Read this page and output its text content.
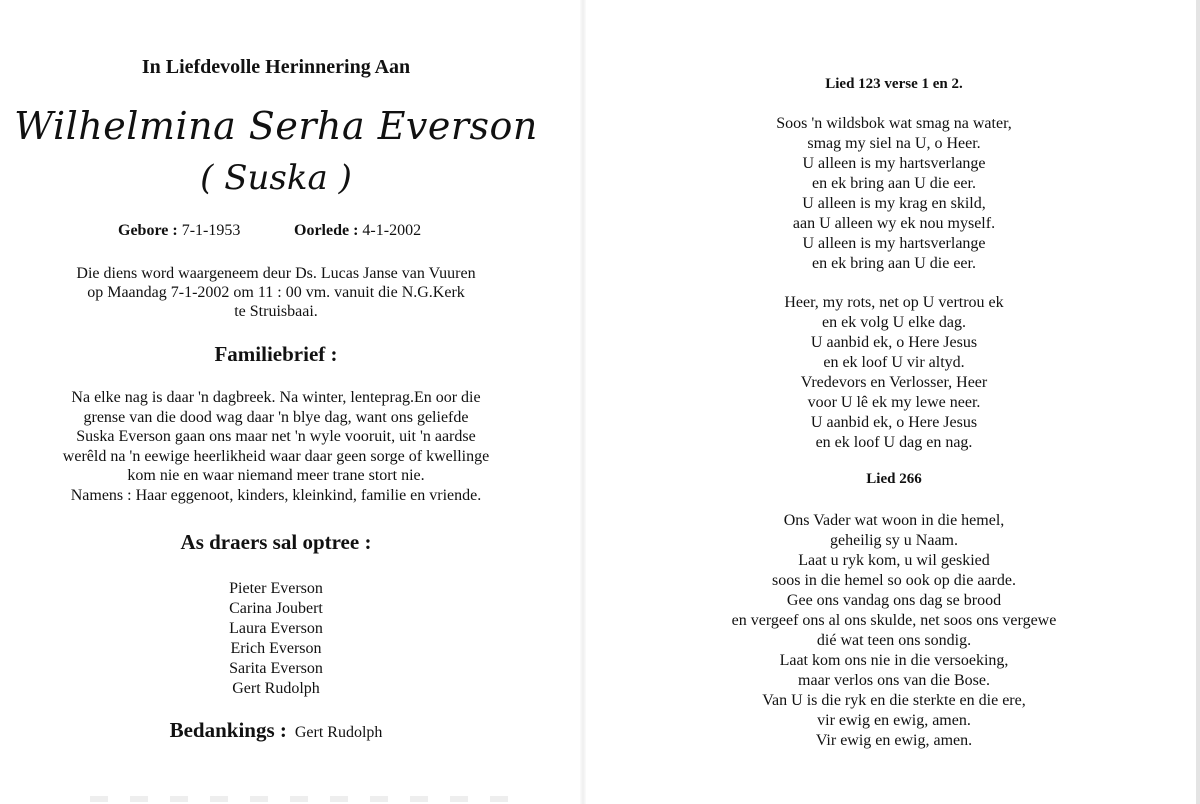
In Liefdevolle Herinnering Aan
Wilhelmina Serha Everson
( Suska )
Gebore : 7-1-1953	Oorlede : 4-1-2002
Die diens word waargeneem deur Ds. Lucas Janse van Vuuren
op Maandag 7-1-2002 om 11 : 00 vm. vanuit die N.G.Kerk
te Struisbaai.
Familiebrief :
Na elke nag is daar 'n dagbreek. Na winter, lenteprag.En oor die
grense van die dood wag daar 'n blye dag, want ons geliefde
Suska Everson gaan ons maar net 'n wyle vooruit, uit 'n aardse
werêld na 'n eewige heerlikheid waar daar geen sorge of kwellinge
kom nie en waar niemand meer trane stort nie.
Namens : Haar eggenoot, kinders, kleinkind, familie en vriende.
As draers sal optree :
Pieter Everson
Carina Joubert
Laura Everson
Erich Everson
Sarita Everson
Gert Rudolph
Bedankings : Gert Rudolph
Lied 123 verse 1 en 2.
Soos 'n wildsbok wat smag na water,
smag my siel na U, o Heer.
U alleen is my hartsverlange
en ek bring aan U die eer.
U alleen is my krag en skild,
aan U alleen wy ek nou myself.
U alleen is my hartsverlange
en ek bring aan U die eer.
Heer, my rots, net op U vertrou ek
en ek volg U elke dag.
U aanbid ek, o Here Jesus
en ek loof U vir altyd.
Vredevors en Verlosser, Heer
voor U lê ek my lewe neer.
U aanbid ek, o Here Jesus
en ek loof U dag en nag.
Lied 266
Ons Vader wat woon in die hemel,
geheilig sy u Naam.
Laat u ryk kom, u wil geskied
soos in die hemel so ook op die aarde.
Gee ons vandag ons dag se brood
en vergeef ons al ons skulde, net soos ons vergewe
dié wat teen ons sondig.
Laat kom ons nie in die versoeking,
maar verlos ons van die Bose.
Van U is die ryk en die sterkte en die ere,
vir ewig en ewig, amen.
Vir ewig en ewig, amen.
